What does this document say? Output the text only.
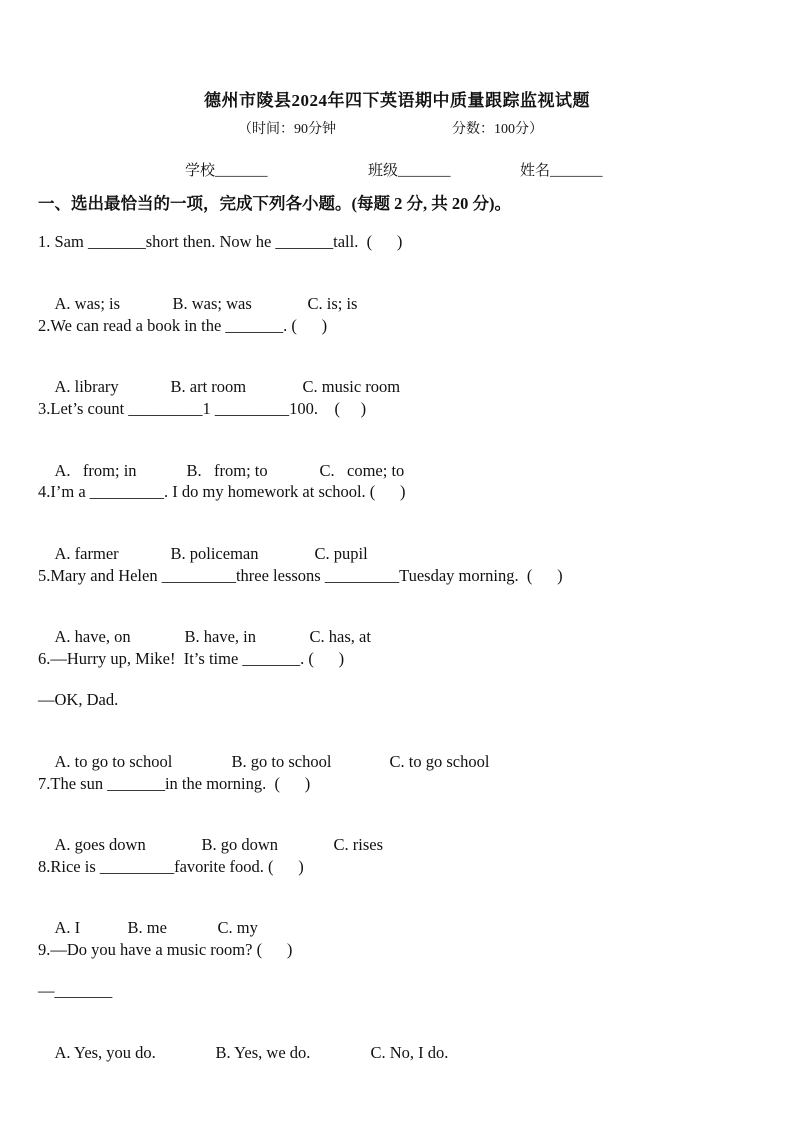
德州市陵县2024年四下英语期中质量跟踪监视试题
（时间：90分钟	分数：100分）
学校_______	班级_______	姓名_______
一、选出最恰当的一项，完成下列各小题。(每题 2 分, 共 20 分)。
1. Sam _______short then. Now he _______tall.  (      )

A. was; is	B. was; was	C. is; is

2.We can read a book in the _______. (      )

A. library	B. art room	C. music room

3.Let’s count _________1 _________100.    (     )

A.   from; in	B.   from; to	C.   come; to

4.I’m a _________. I do my homework at school. (      )

A. farmer	B. policeman	C. pupil

5.Mary and Helen _________three lessons _________Tuesday morning.  (      )

A. have, on	B. have, in	C. has, at

6.—Hurry up, Mike!  It’s time _______. (      )
—OK, Dad.

A. to go to school	B. go to school	C. to go school

7.The sun _______in the morning.  (      )

A. goes down	B. go down	C. rises

8.Rice is _________favorite food. (      )

A. I	B. me	C. my

9.—Do you have a music room? (      )
—_______

A. Yes, you do.	B. Yes, we do.	C. No, I do.
